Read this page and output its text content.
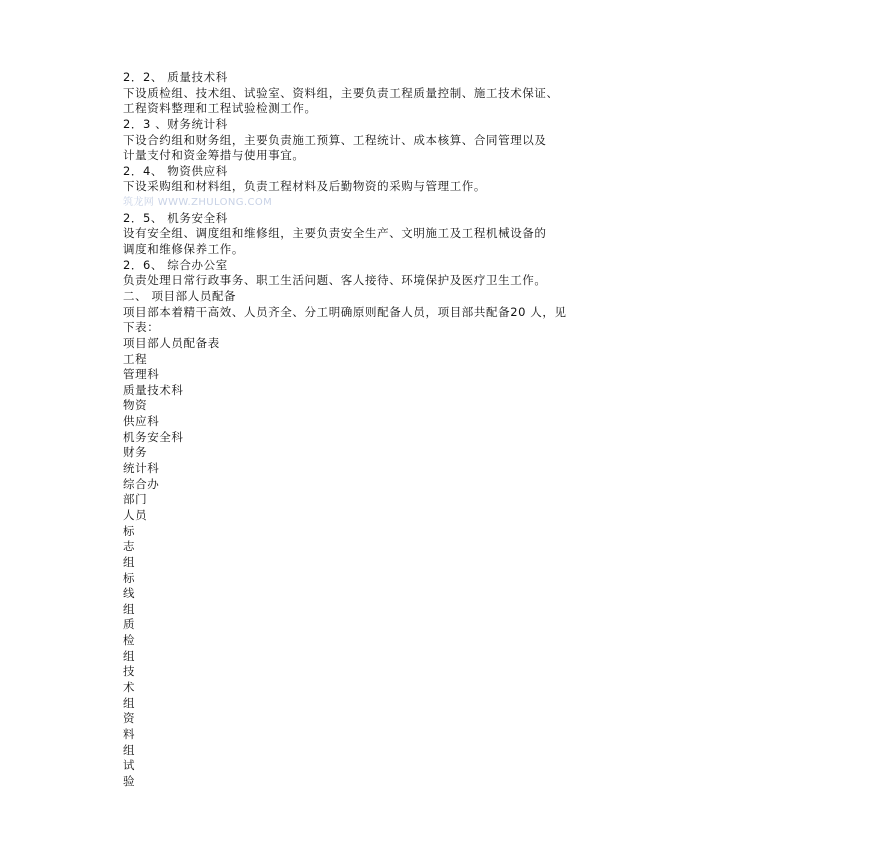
2．2、 质量技术科
下设质检组、技术组、试验室、资料组，主要负责工程质量控制、施工技术保证、
工程资料整理和工程试验检测工作。
2．3 、财务统计科
下设合约组和财务组，主要负责施工预算、工程统计、成本核算、合同管理以及
计量支付和资金筹措与使用事宜。
2．4、 物资供应科
下设采购组和材料组，负责工程材料及后勤物资的采购与管理工作。
筑龙网 WWW.ZHULONG.COM
2．5、 机务安全科
设有安全组、调度组和维修组，主要负责安全生产、文明施工及工程机械设备的
调度和维修保养工作。
2．6、 综合办公室
负责处理日常行政事务、职工生活问题、客人接待、环境保护及医疗卫生工作。
二、 项目部人员配备
项目部本着精干高效、人员齐全、分工明确原则配备人员，项目部共配备20 人，见
下表：
项目部人员配备表
工程
管理科
质量技术科
物资
供应科
机务安全科
财务
统计科
综合办
部门
人员
标
志
组
标
线
组
质
检
组
技
术
组
资
料
组
试
验
